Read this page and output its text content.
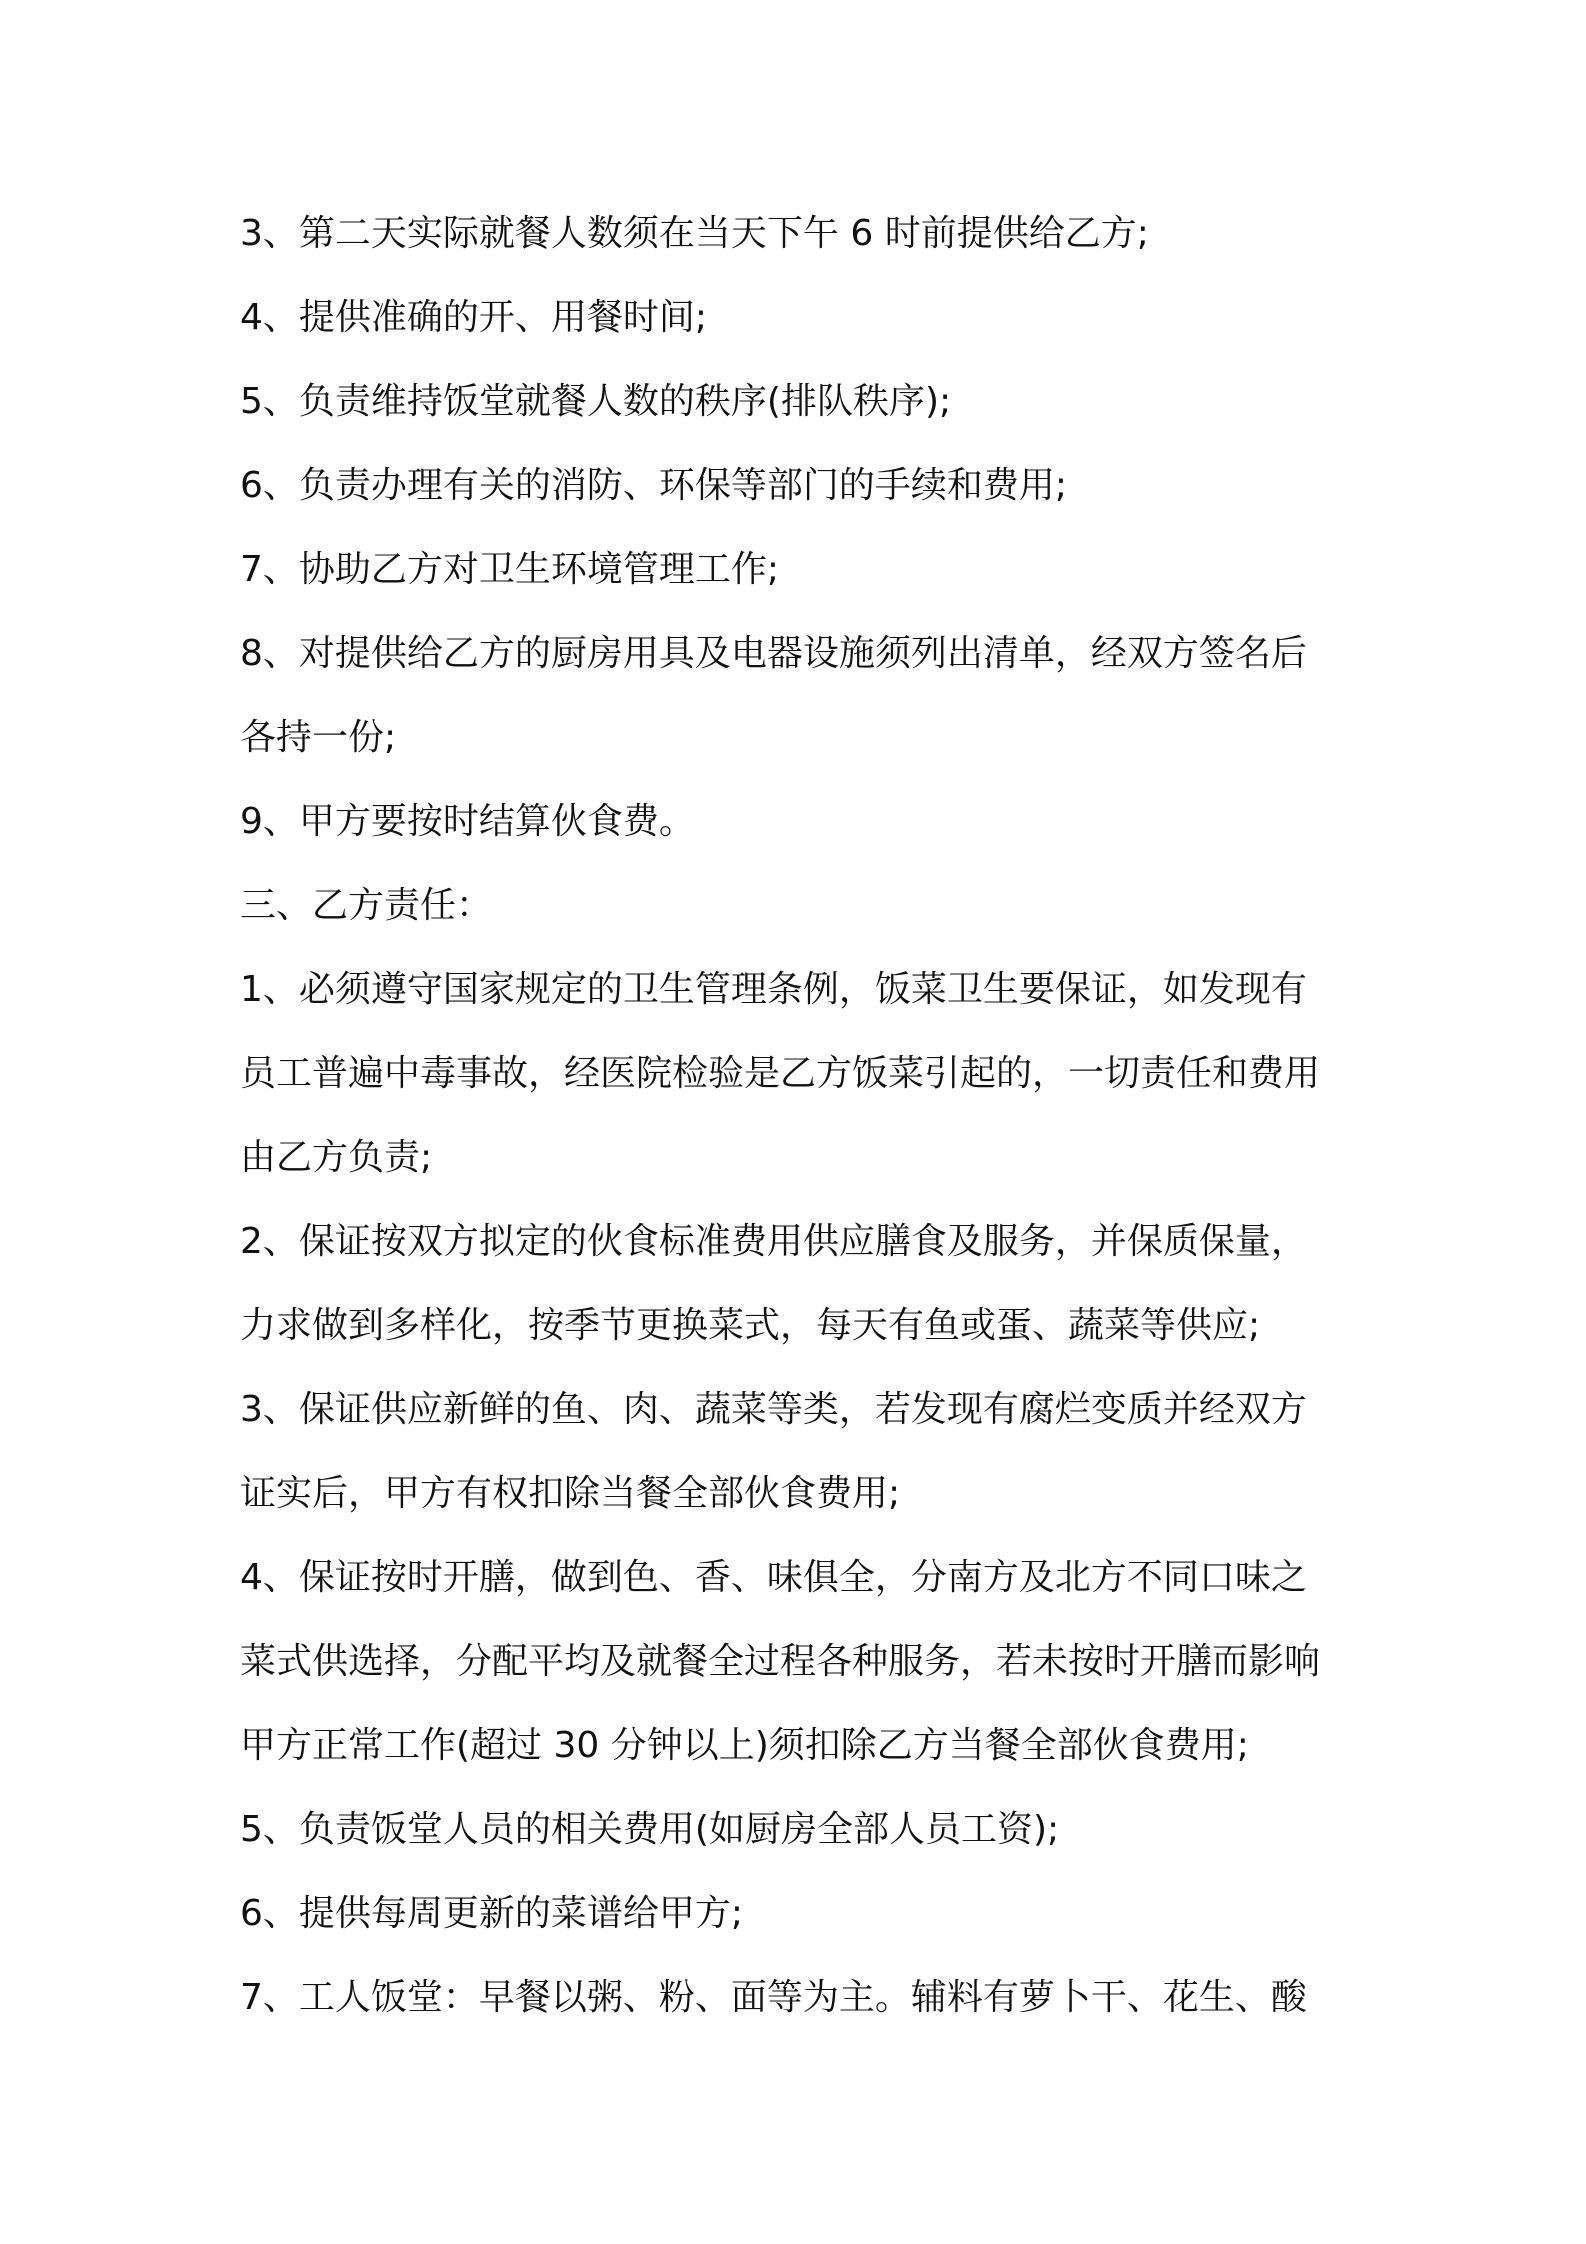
3、第二天实际就餐人数须在当天下午 6 时前提供给乙方;
4、提供准确的开、用餐时间;
5、负责维持饭堂就餐人数的秩序(排队秩序);
6、负责办理有关的消防、环保等部门的手续和费用;
7、协助乙方对卫生环境管理工作;
8、对提供给乙方的厨房用具及电器设施须列出清单，经双方签名后
各持一份;
9、甲方要按时结算伙食费。
三、乙方责任：
1、必须遵守国家规定的卫生管理条例，饭菜卫生要保证，如发现有
员工普遍中毒事故，经医院检验是乙方饭菜引起的，一切责任和费用
由乙方负责;
2、保证按双方拟定的伙食标准费用供应膳食及服务，并保质保量，
力求做到多样化，按季节更换菜式，每天有鱼或蛋、蔬菜等供应;
3、保证供应新鲜的鱼、肉、蔬菜等类，若发现有腐烂变质并经双方
证实后，甲方有权扣除当餐全部伙食费用;
4、保证按时开膳，做到色、香、味俱全，分南方及北方不同口味之
菜式供选择，分配平均及就餐全过程各种服务，若未按时开膳而影响
甲方正常工作(超过 30 分钟以上)须扣除乙方当餐全部伙食费用;
5、负责饭堂人员的相关费用(如厨房全部人员工资);
6、提供每周更新的菜谱给甲方;
7、工人饭堂：早餐以粥、粉、面等为主。辅料有萝卜干、花生、酸
